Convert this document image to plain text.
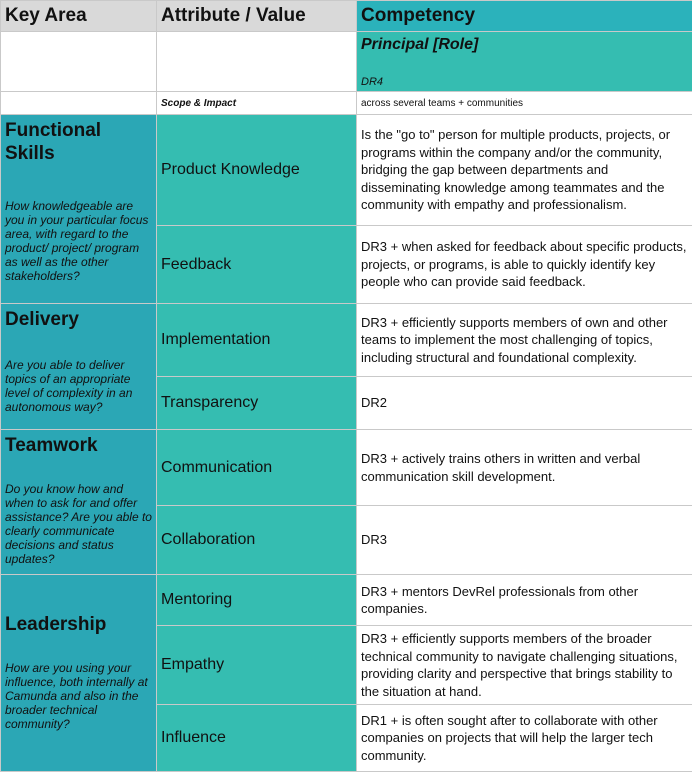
Key Area	Attribute / Value	Competency

		Principal [Role]
DR4

	Scope & Impact	across several teams + communities

Functional Skills
How knowledgeable are you in your particular focus area, with regard to the product/ project/ program as well as the other stakeholders?	Product Knowledge	Is the "go to" person for multiple products, projects, or programs within the company and/or the community, bridging the gap between departments and disseminating knowledge among teammates and the community with empathy and professionalism.
	Feedback	DR3 + when asked for feedback about specific products, projects, or programs, is able to quickly identify key people who can provide said feedback.

Delivery
Are you able to deliver topics of an appropriate level of complexity in an autonomous way?	Implementation	DR3 + efficiently supports members of own and other teams to implement the most challenging of topics, including structural and foundational complexity.
	Transparency	DR2

Teamwork
Do you know how and when to ask for and offer assistance? Are you able to clearly communicate decisions and status updates?	Communication	DR3 + actively trains others in written and verbal communication skill development.
	Collaboration	DR3

Leadership
How are you using your influence, both internally at Camunda and also in the broader technical community?	Mentoring	DR3 + mentors DevRel professionals from other companies.
	Empathy	DR3 + efficiently supports members of the broader technical community to navigate challenging situations, providing clarity and perspective that brings stability to the situation at hand.
	Influence	DR1 + is often sought after to collaborate with other companies on projects that will help the larger tech community.
